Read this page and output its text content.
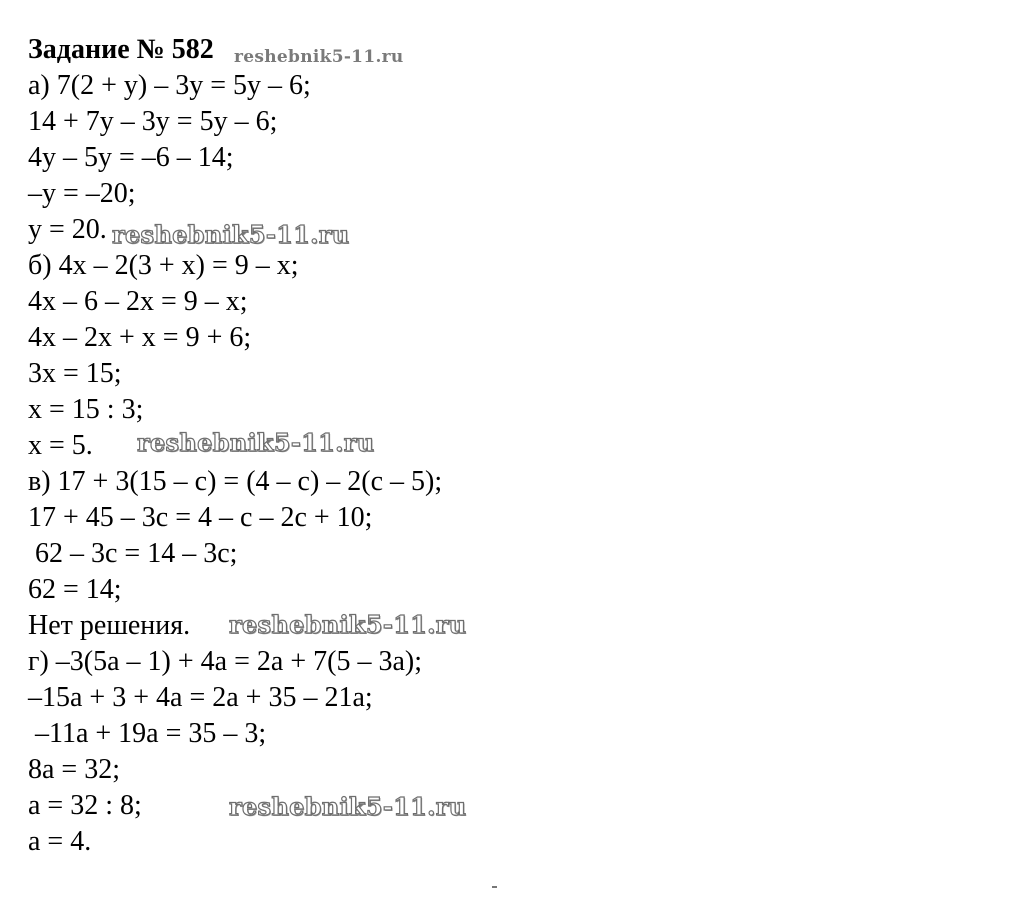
Задание № 582 reshebnik5-11.ru
а) 7(2 + y) – 3y = 5y – 6;
14 + 7y – 3y = 5y – 6;
4y – 5y = –6 – 14;
–y = –20;
y = 20. reshebnik5-11.ru
б) 4x – 2(3 + x) = 9 – x;
4x – 6 – 2x = 9 – x;
4x – 2x + x = 9 + 6;
3x = 15;
x = 15 : 3;
x = 5. reshebnik5-11.ru
в) 17 + 3(15 – c) = (4 – c) – 2(c – 5);
17 + 45 – 3c = 4 – c – 2c + 10;
62 – 3c = 14 – 3c;
62 = 14;
Нет решения. reshebnik5-11.ru
г) –3(5a – 1) + 4a = 2a + 7(5 – 3a);
–15a + 3 + 4a = 2a + 35 – 21a;
–11a + 19a = 35 – 3;
8a = 32;
a = 32 : 8;	reshebnik5-11.ru
a = 4.
